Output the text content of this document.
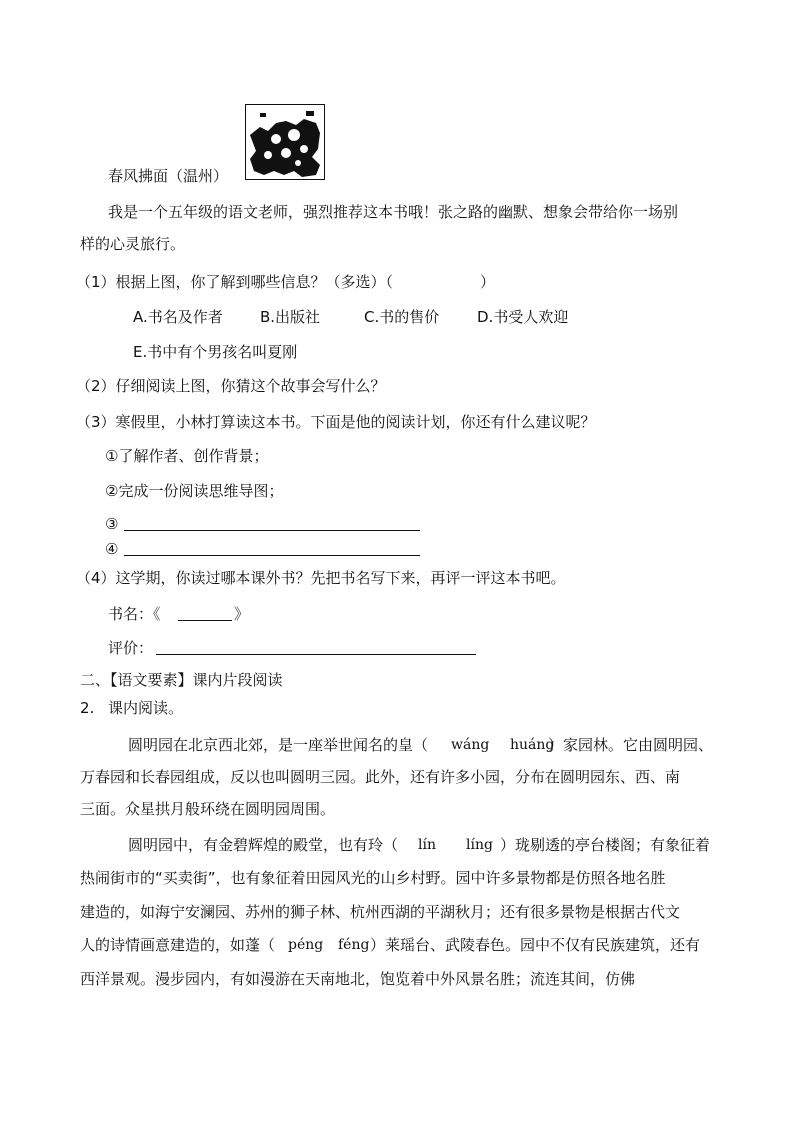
春风拂面（温州）
我是一个五年级的语文老师，强烈推荐这本书哦！张之路的幽默、想象会带给你一场别
样的心灵旅行。
（1）根据上图，你了解到哪些信息？（多选）（	）
A.书名及作者 B.出版社	C.书的售价	D.书受人欢迎
E.书中有个男孩名叫夏刚
（2）仔细阅读上图，你猜这个故事会写什么？
（3）寒假里，小林打算读这本书。下面是他的阅读计划，你还有什么建议呢？
①了解作者、创作背景；
②完成一份阅读思维导图；
③
④
（4）这学期，你读过哪本课外书？先把书名写下来，再评一评这本书吧。
书名：《	》
评价：
二、【语文要素】课内片段阅读
2. 课内阅读。
圆明园在北京西北郊，是一座举世闻名的皇（ wáng huáng
）家园林。它由圆明园、
万春园和长春园组成，反以也叫圆明三园。此外，还有许多小园，分布在圆明园东、西、南
三面。众星拱月般环绕在圆明园周围。
圆明园中，有金碧辉煌的殿堂，也有玲（ lín líng ）珑剔透的亭台楼阁；有象征着
热闹街市的“买卖街”，也有象征着田园风光的山乡村野。园中许多景物都是仿照各地名胜
建造的，如海宁安澜园、苏州的狮子林、杭州西湖的平湖秋月；还有很多景物是根据古代文
人的诗情画意建造的，如蓬（ péng féng ）莱瑶台、武陵春色。园中不仅有民族建筑，还有
西洋景观。漫步园内，有如漫游在天南地北，饱览着中外风景名胜；流连其间，仿佛
